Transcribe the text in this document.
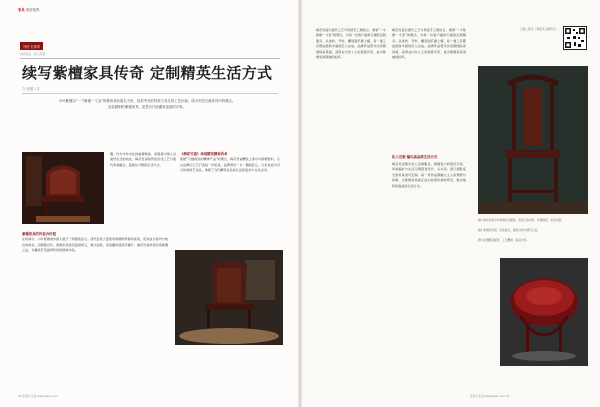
家具 家居视界
刊首·名家印
居家视点 · 私人定制
续写紫檀家具传奇 定制精英生活方式
文 张楚 / 文
小叶紫檀以“一寸紫檀一寸金”的稀贵身价闻名于世，因其考究的材质与非凡的工艺价值，成为中国古典家具中的瑰宝。宫廷御制的紫檀家具，更是历代收藏家追逐的对象。

器，作为中华文化的重要载体，承载着中国人对美好生活的向往。梅花竹斋将传统宫廷工艺与现代审美融合，延续东方雅致生活方式。

《梅花竹斋》体现精英精神诉求

紫檀“只做极致的精神产品”的理念，梅花竹斋精选上等小叶紫檀原料，以古法榫卯工艺打造每一件家具。品牌坚持一木一器的匠心，让家具成为可以传承的艺术品，体现了当代精英对品质生活的追求与文化认同。

紫檀家具的传说合价值

在时间中，小叶紫檀被中国人赋予了特殊的意义。清代宫廷大量使用紫檀制作御用家具，使其成为身份与地位的象征。历经数百年，紫檀家具依旧温润如玉，愈久弥新，其收藏价值逐年攀升。梅花竹斋传承宫廷制器之法，为藏家打造值得传世的经典作品。

70 家具与生活 www.jiaju.com
扫描二维码 了解更多 品牌资讯

梅花竹斋以现代工艺与传统手工相结合，秉承“一寸紫檀一寸金”的理念，为每一位客户提供专属的定制服务。从选料、开料、雕刻到打磨上蜡，每一道工序都由经验丰富的匠人完成。品牌作品曾多次亮相国际家具展，获得业内外人士的高度评价，成为紫檀家具领域的标杆。

梅花竹斋以现代工艺与传统手工相结合，秉承“一寸紫檀一寸金”的理念，为每一位客户提供专属的定制服务。从选料、开料、雕刻到打磨上蜡，每一道工序都由经验丰富的匠人完成。品牌作品曾多次亮相国际家具展，获得业内外人士的高度评价，成为紫檀家具领域的标杆。

私人定制 输出高品质生活方式

梅花竹斋推出私人定制服务，根据客户的居住空间、审美偏好与生活习惯量身设计，从书房、客厅到卧室全套家具皆可定制。每一件作品都融入主人的情感与故事，让紫檀家具真正成为家族传承的珍宝，输出独特的高品质生活方式。

图1 梅花竹斋小叶紫檀宫廷圈椅，选用上等老料，纹理细密，色泽沉稳。
图2 紫檀扶手椅，线条简洁，兼具古典与现代之美。
图3 紫檀雕花圆凳，工艺精湛，寓意吉祥。
家具与生活 www.jiaju.com 71
